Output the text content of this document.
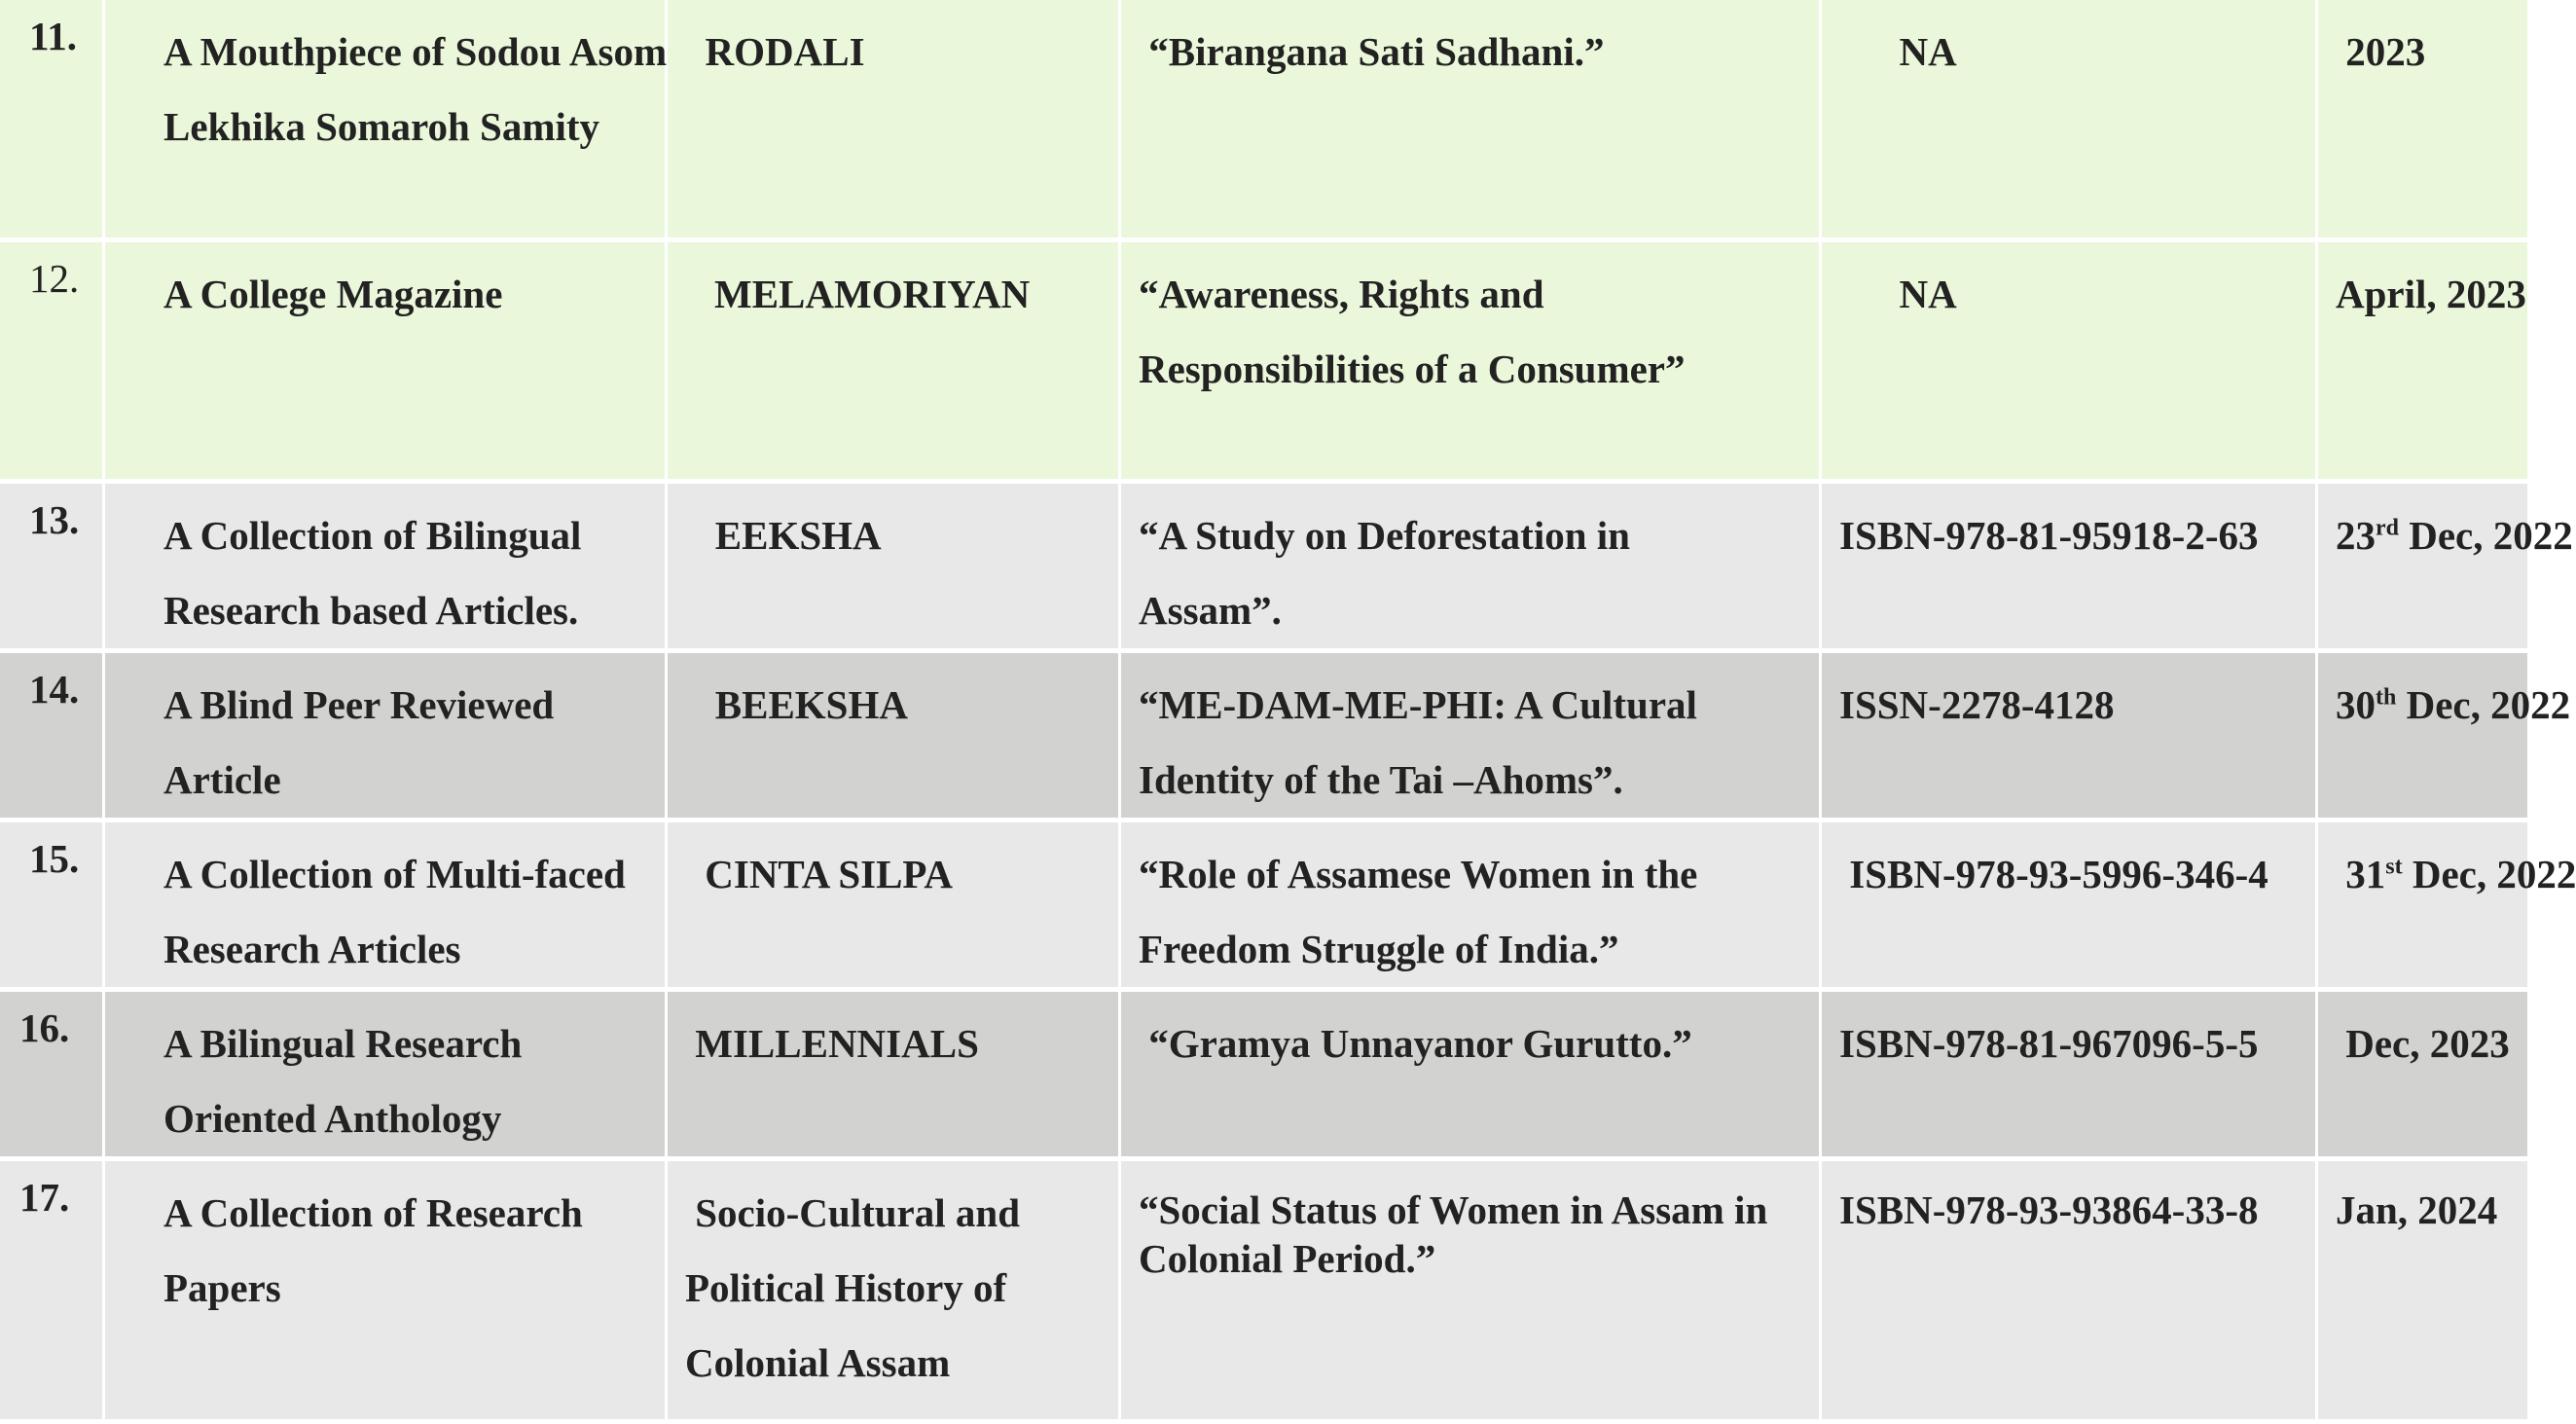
11.	A Mouthpiece of Sodou Asom
Lekhika Somaroh Samity	RODALI	“Birangana Sati Sadhani.”	NA	2023

12.	A College Magazine	MELAMORIYAN	“Awareness, Rights and
Responsibilities of a Consumer”	NA	April, 2023

13.	A Collection of Bilingual
Research based Articles.	EEKSHA	“A Study on Deforestation in
Assam”.	ISBN-978-81-95918-2-63	23rd Dec, 2022

14.	A Blind Peer Reviewed
Article	BEEKSHA	“ME-DAM-ME-PHI: A Cultural
Identity of the Tai –Ahoms”.	ISSN-2278-4128	30th Dec, 2022

15.	A Collection of Multi-faced
Research Articles	CINTA SILPA	“Role of Assamese Women in the
Freedom Struggle of India.”	ISBN-978-93-5996-346-4	31st Dec, 2022

16.	A Bilingual Research
Oriented Anthology	MILLENNIALS	“Gramya Unnayanor Gurutto.”	ISBN-978-81-967096-5-5	Dec, 2023

17.	A Collection of Research
Papers	Socio-Cultural and
Political History of
Colonial Assam	“Social Status of Women in Assam in
Colonial Period.”	ISBN-978-93-93864-33-8	Jan, 2024
